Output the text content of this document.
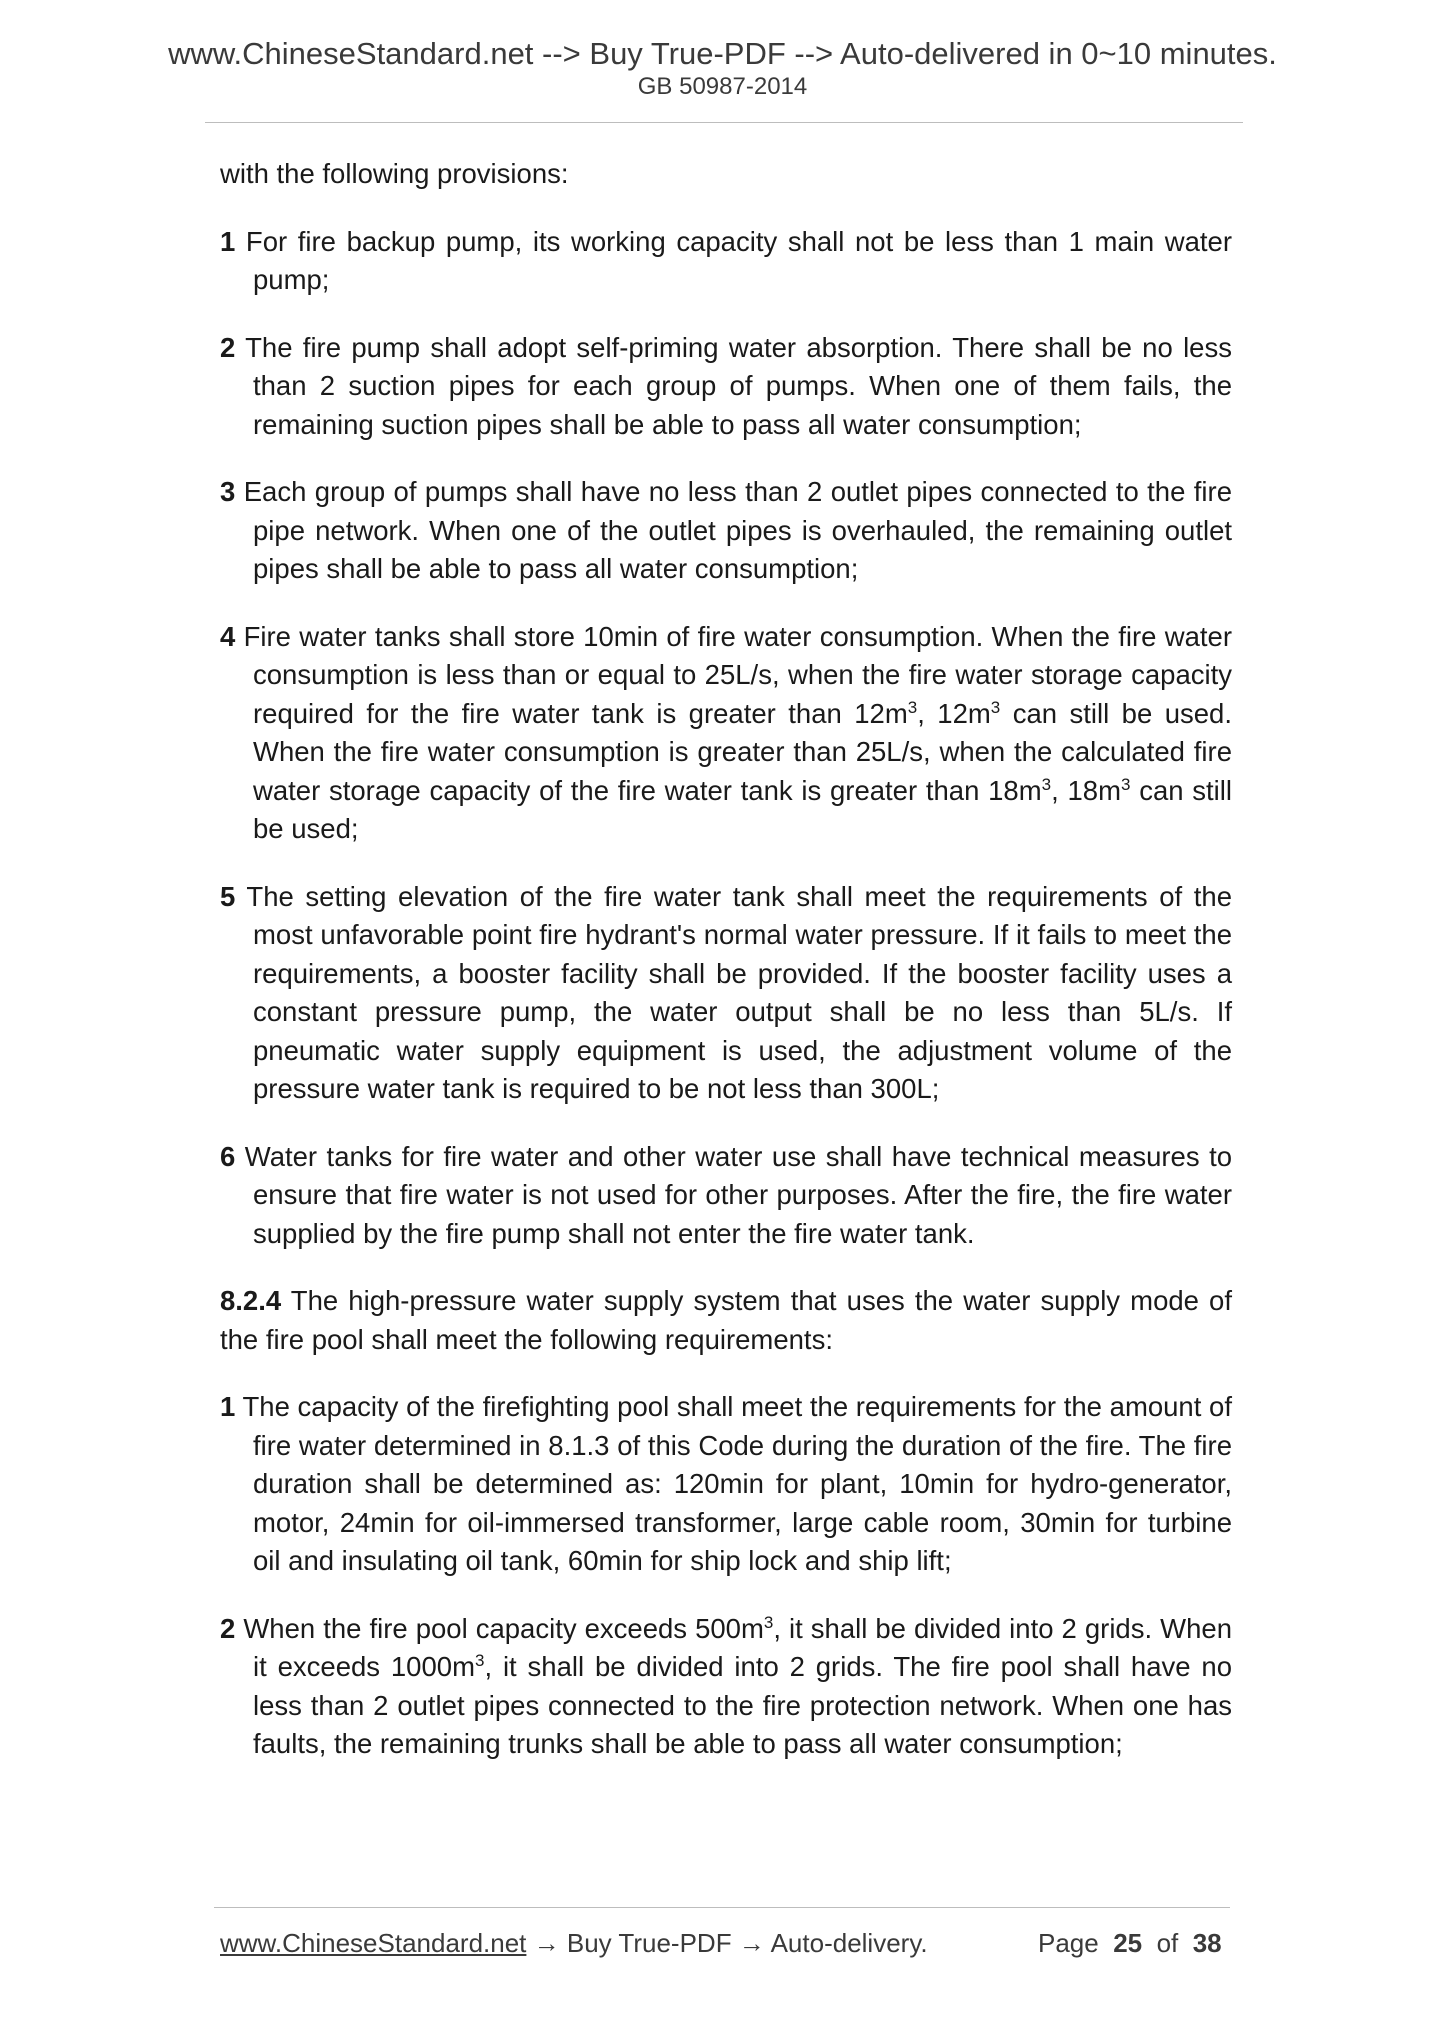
www.ChineseStandard.net --> Buy True-PDF --> Auto-delivered in 0~10 minutes.
GB 50987-2014

with the following provisions:

1 For fire backup pump, its working capacity shall not be less than 1 main water pump;

2 The fire pump shall adopt self-priming water absorption. There shall be no less than 2 suction pipes for each group of pumps. When one of them fails, the remaining suction pipes shall be able to pass all water consumption;

3 Each group of pumps shall have no less than 2 outlet pipes connected to the fire pipe network. When one of the outlet pipes is overhauled, the remaining outlet pipes shall be able to pass all water consumption;

4 Fire water tanks shall store 10min of fire water consumption. When the fire water consumption is less than or equal to 25L/s, when the fire water storage capacity required for the fire water tank is greater than $12m^3$, $12m^3$ can still be used. When the fire water consumption is greater than 25L/s, when the calculated fire water storage capacity of the fire water tank is greater than $18m^3$, $18m^3$ can still be used;

5 The setting elevation of the fire water tank shall meet the requirements of the most unfavorable point fire hydrant's normal water pressure. If it fails to meet the requirements, a booster facility shall be provided. If the booster facility uses a constant pressure pump, the water output shall be no less than 5L/s. If pneumatic water supply equipment is used, the adjustment volume of the pressure water tank is required to be not less than 300L;

6 Water tanks for fire water and other water use shall have technical measures to ensure that fire water is not used for other purposes. After the fire, the fire water supplied by the fire pump shall not enter the fire water tank.

8.2.4 The high-pressure water supply system that uses the water supply mode of the fire pool shall meet the following requirements:

1 The capacity of the firefighting pool shall meet the requirements for the amount of fire water determined in 8.1.3 of this Code during the duration of the fire. The fire duration shall be determined as: 120min for plant, 10min for hydro-generator, motor, 24min for oil-immersed transformer, large cable room, 30min for turbine oil and insulating oil tank, 60min for ship lock and ship lift;

2 When the fire pool capacity exceeds $500m^3$, it shall be divided into 2 grids. When it exceeds $1000m^3$, it shall be divided into 2 grids. The fire pool shall have no less than 2 outlet pipes connected to the fire protection network. When one has faults, the remaining trunks shall be able to pass all water consumption;

www.ChineseStandard.net → Buy True-PDF → Auto-delivery.	Page 25 of 38
